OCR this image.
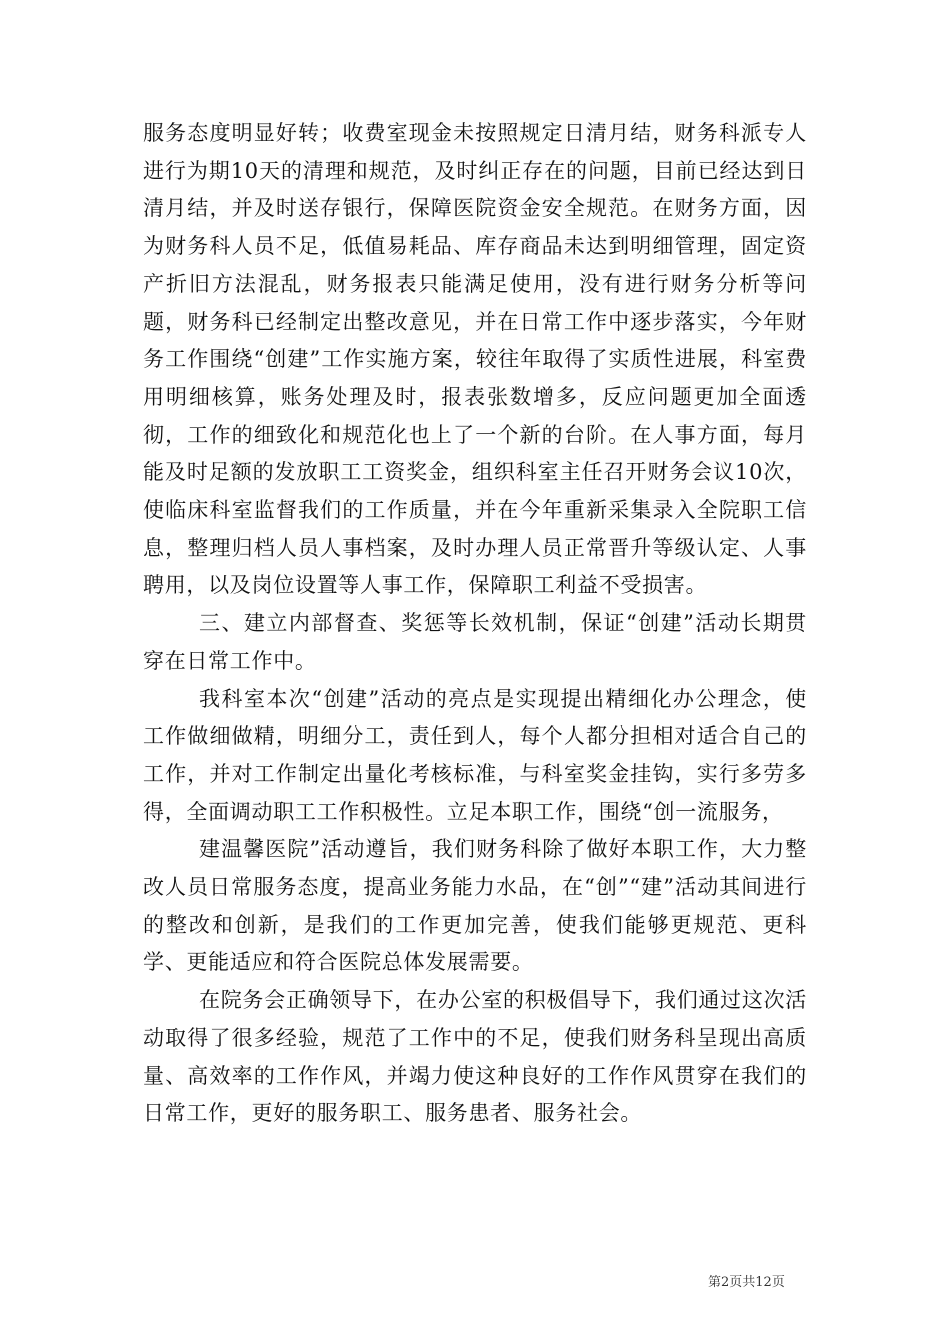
服务态度明显好转；收费室现金未按照规定日清月结，财务科派专人进行为期10天的清理和规范，及时纠正存在的问题，目前已经达到日清月结，并及时送存银行，保障医院资金安全规范。在财务方面，因为财务科人员不足，低值易耗品、库存商品未达到明细管理，固定资产折旧方法混乱，财务报表只能满足使用，没有进行财务分析等问题，财务科已经制定出整改意见，并在日常工作中逐步落实，今年财务工作围绕“创建”工作实施方案，较往年取得了实质性进展，科室费用明细核算，账务处理及时，报表张数增多，反应问题更加全面透彻，工作的细致化和规范化也上了一个新的台阶。在人事方面，每月能及时足额的发放职工工资奖金，组织科室主任召开财务会议10次，使临床科室监督我们的工作质量，并在今年重新采集录入全院职工信息，整理归档人员人事档案，及时办理人员正常晋升等级认定、人事聘用，以及岗位设置等人事工作，保障职工利益不受损害。

三、建立内部督查、奖惩等长效机制，保证“创建”活动长期贯穿在日常工作中。

我科室本次“创建”活动的亮点是实现提出精细化办公理念，使工作做细做精，明细分工，责任到人，每个人都分担相对适合自己的工作，并对工作制定出量化考核标准，与科室奖金挂钩，实行多劳多得，全面调动职工工作积极性。立足本职工作，围绕“创一流服务，

建温馨医院”活动遵旨，我们财务科除了做好本职工作，大力整改人员日常服务态度，提高业务能力水品，在“创”“建”活动其间进行的整改和创新，是我们的工作更加完善，使我们能够更规范、更科学、更能适应和符合医院总体发展需要。

在院务会正确领导下，在办公室的积极倡导下，我们通过这次活动取得了很多经验，规范了工作中的不足，使我们财务科呈现出高质量、高效率的工作作风，并竭力使这种良好的工作作风贯穿在我们的日常工作，更好的服务职工、服务患者、服务社会。

第2页共12页
